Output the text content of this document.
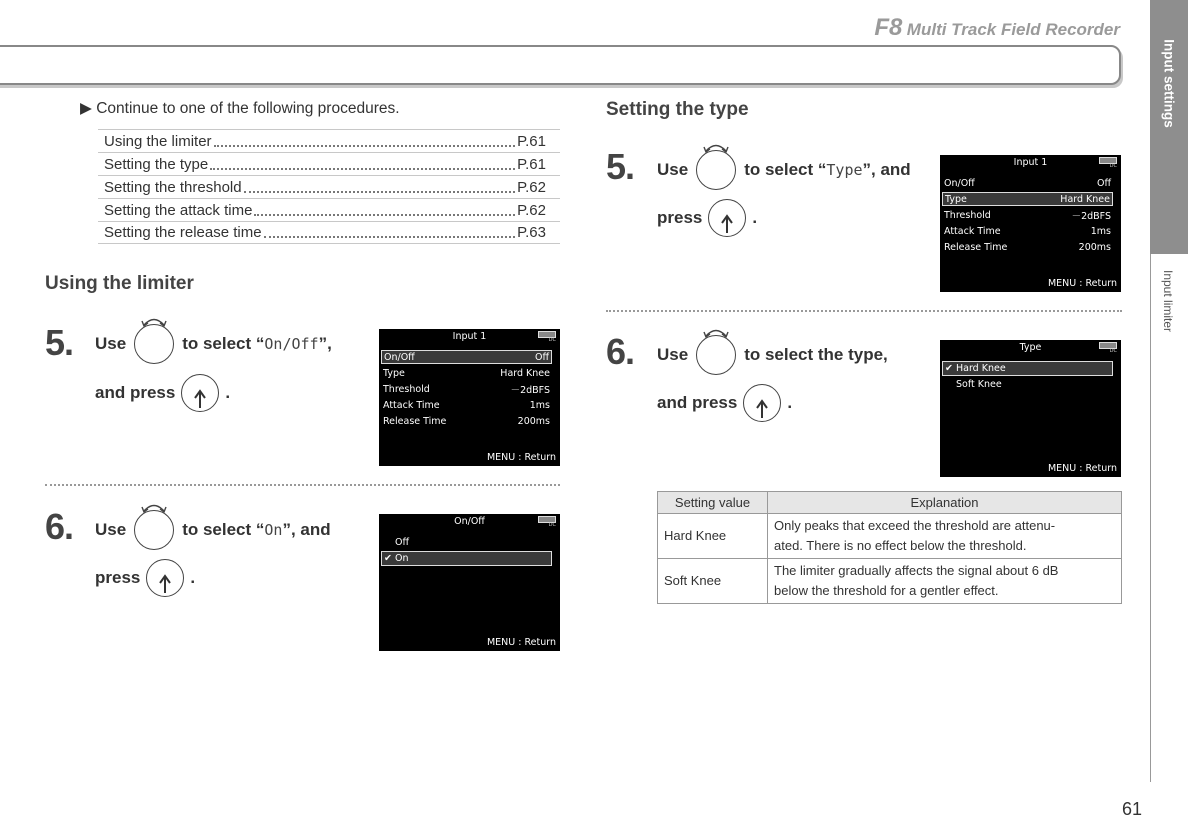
F8 Multi Track Field Recorder
Input settings
Input limiter
▶ Continue to one of the following procedures.
Using the limiter	P.61
Setting the type	P.61
Setting the threshold	P.62
Setting the attack time	P.62
Setting the release time	P.63
Using the limiter
5. Use	to select “ On/Off ”,
and press	.
Input 1	DC
On/Off	Off
Type	Hard Knee
Threshold	－2dBFS
Attack Time	1ms
Release Time	200ms
MENU : Return
6. Use	to select “ On ”, and
press	.
On/Off	DC
Off
✔ On
MENU : Return
Setting the type
5. Use	to select “ Type ”, and
press	.
Input 1	DC
On/Off	Off
Type	Hard Knee
Threshold	－2dBFS
Attack Time	1ms
Release Time	200ms
MENU : Return
6. Use	to select the type,
and press	.
Type	DC
✔ Hard Knee
Soft Knee
MENU : Return
Setting value	Explanation
Hard Knee	Only peaks that exceed the threshold are attenu-
ated. There is no effect below the threshold.

Soft Knee	The limiter gradually affects the signal about 6 dB
below the threshold for a gentler effect.
61
